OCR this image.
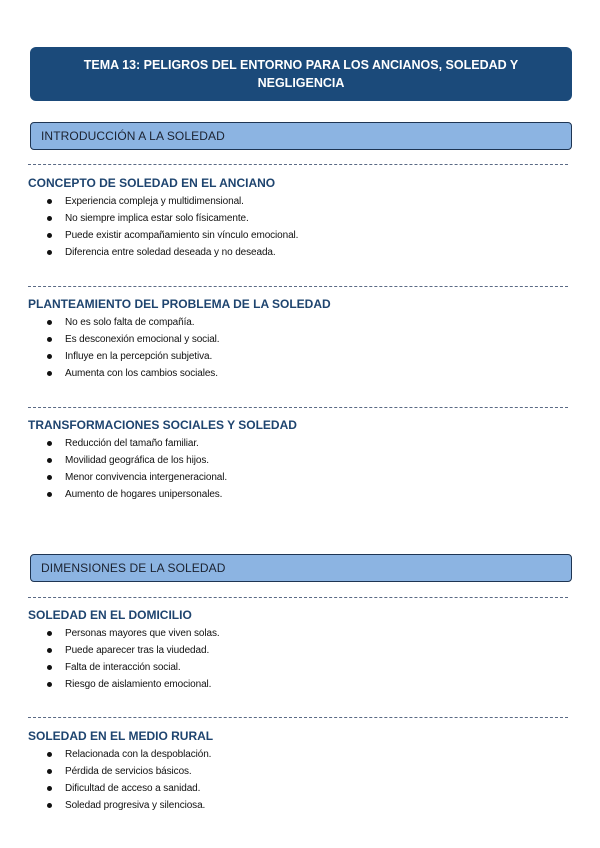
TEMA 13: PELIGROS DEL ENTORNO PARA LOS ANCIANOS, SOLEDAD Y NEGLIGENCIA
INTRODUCCIÓN A LA SOLEDAD
CONCEPTO DE SOLEDAD EN EL ANCIANO
Experiencia compleja y multidimensional.
No siempre implica estar solo físicamente.
Puede existir acompañamiento sin vínculo emocional.
Diferencia entre soledad deseada y no deseada.
PLANTEAMIENTO DEL PROBLEMA DE LA SOLEDAD
No es solo falta de compañía.
Es desconexión emocional y social.
Influye en la percepción subjetiva.
Aumenta con los cambios sociales.
TRANSFORMACIONES SOCIALES Y SOLEDAD
Reducción del tamaño familiar.
Movilidad geográfica de los hijos.
Menor convivencia intergeneracional.
Aumento de hogares unipersonales.
DIMENSIONES DE LA SOLEDAD
SOLEDAD EN EL DOMICILIO
Personas mayores que viven solas.
Puede aparecer tras la viudedad.
Falta de interacción social.
Riesgo de aislamiento emocional.
SOLEDAD EN EL MEDIO RURAL
Relacionada con la despoblación.
Pérdida de servicios básicos.
Dificultad de acceso a sanidad.
Soledad progresiva y silenciosa.
